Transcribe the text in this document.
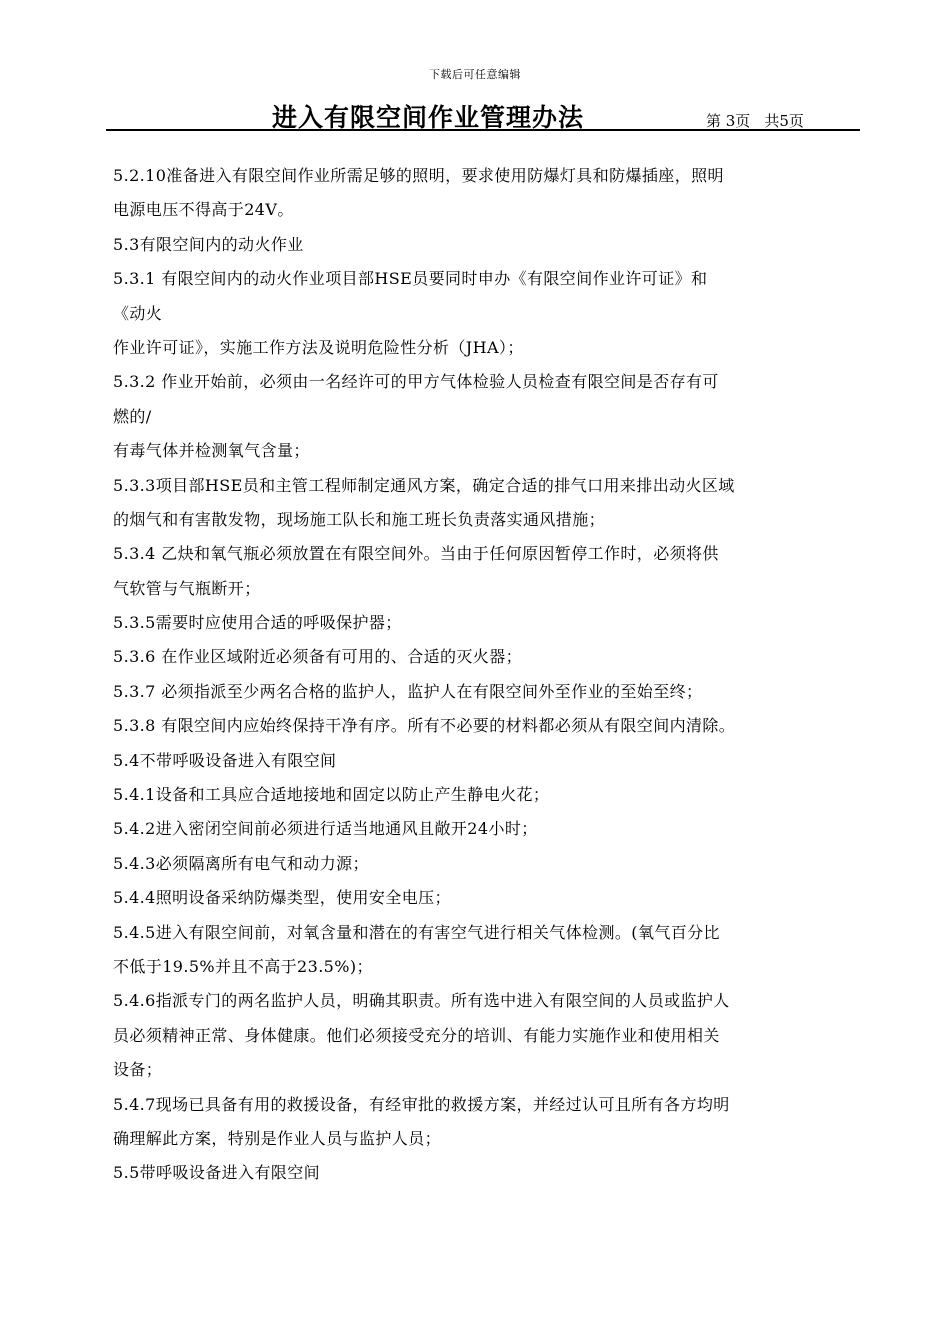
下载后可任意编辑
进入有限空间作业管理办法	第 3页 共5页
5.2.10准备进入有限空间作业所需足够的照明，要求使用防爆灯具和防爆插座，照明
电源电压不得高于24V。
5.3有限空间内的动火作业
5.3.1 有限空间内的动火作业项目部HSE员要同时申办《有限空间作业许可证》和
《动火
作业许可证》，实施工作方法及说明危险性分析（JHA）；
5.3.2 作业开始前，必须由一名经许可的甲方气体检验人员检查有限空间是否存有可
燃的/
有毒气体并检测氧气含量；
5.3.3项目部HSE员和主管工程师制定通风方案，确定合适的排气口用来排出动火区域
的烟气和有害散发物，现场施工队长和施工班长负责落实通风措施；
5.3.4 乙炔和氧气瓶必须放置在有限空间外。当由于任何原因暂停工作时，必须将供
气软管与气瓶断开；
5.3.5需要时应使用合适的呼吸保护器；
5.3.6 在作业区域附近必须备有可用的、合适的灭火器；
5.3.7 必须指派至少两名合格的监护人，监护人在有限空间外至作业的至始至终；
5.3.8 有限空间内应始终保持干净有序。所有不必要的材料都必须从有限空间内清除。
5.4不带呼吸设备进入有限空间
5.4.1设备和工具应合适地接地和固定以防止产生静电火花；
5.4.2进入密闭空间前必须进行适当地通风且敞开24小时；
5.4.3必须隔离所有电气和动力源；
5.4.4照明设备采纳防爆类型，使用安全电压；
5.4.5进入有限空间前，对氧含量和潜在的有害空气进行相关气体检测。(氧气百分比
不低于19.5%并且不高于23.5%)；
5.4.6指派专门的两名监护人员，明确其职责。所有选中进入有限空间的人员或监护人
员必须精神正常、身体健康。他们必须接受充分的培训、有能力实施作业和使用相关
设备；
5.4.7现场已具备有用的救援设备，有经审批的救援方案，并经过认可且所有各方均明
确理解此方案，特别是作业人员与监护人员；
5.5带呼吸设备进入有限空间
